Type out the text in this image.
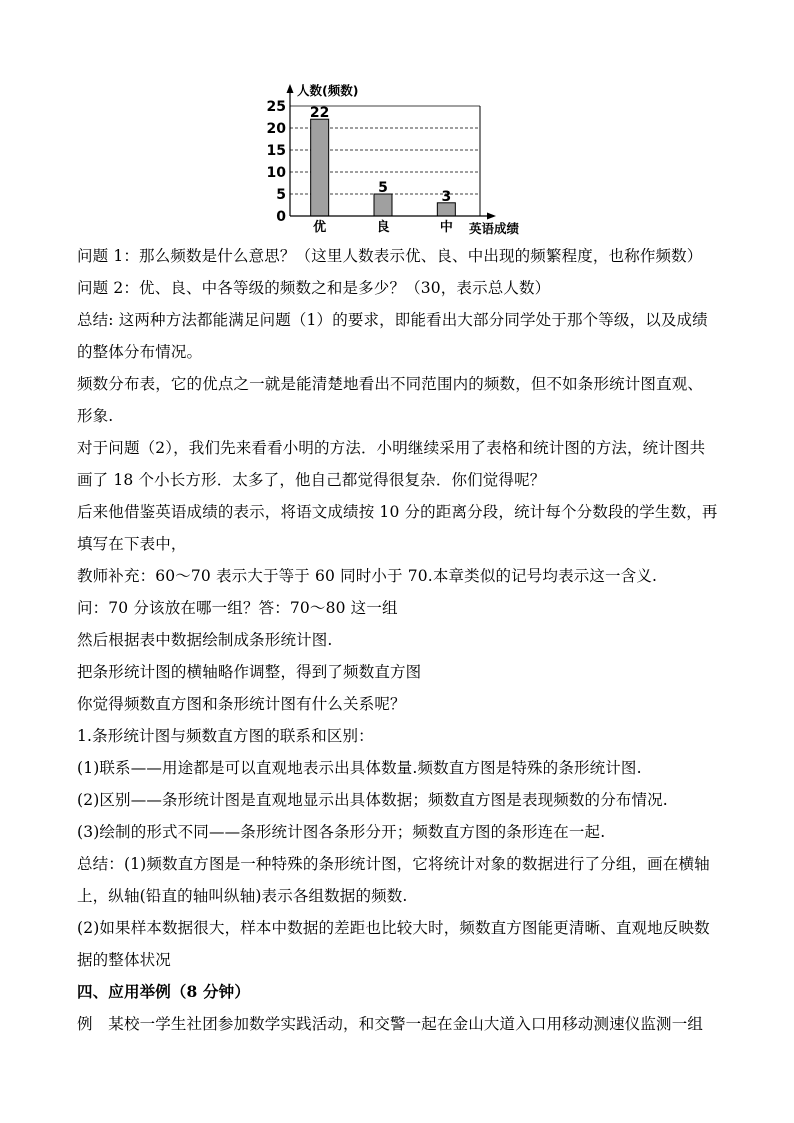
0
5
10
15
20
25 22
优
5
良
3
中
人数(频数)
英语成绩
问题 1：那么频数是什么意思？（这里人数表示优、良、中出现的频繁程度，也称作频数）
问题 2：优、良、中各等级的频数之和是多少？（30，表示总人数）
总结: 这两种方法都能满足问题（1）的要求，即能看出大部分同学处于那个等级，以及成绩
的整体分布情况。
频数分布表，它的优点之一就是能清楚地看出不同范围内的频数，但不如条形统计图直观、
形象.
对于问题（2），我们先来看看小明的方法．小明继续采用了表格和统计图的方法，统计图共
画了 18 个小长方形．太多了，他自己都觉得很复杂．你们觉得呢？
后来他借鉴英语成绩的表示，将语文成绩按 10 分的距离分段，统计每个分数段的学生数，再
填写在下表中，
教师补充：60～70 表示大于等于 60 同时小于 70.本章类似的记号均表示这一含义.
问：70 分该放在哪一组？答：70～80 这一组
然后根据表中数据绘制成条形统计图.
把条形统计图的横轴略作调整，得到了频数直方图
你觉得频数直方图和条形统计图有什么关系呢？
1.条形统计图与频数直方图的联系和区别：
(1)联系——用途都是可以直观地表示出具体数量.频数直方图是特殊的条形统计图.
(2)区别——条形统计图是直观地显示出具体数据；频数直方图是表现频数的分布情况.
(3)绘制的形式不同——条形统计图各条形分开；频数直方图的条形连在一起.
总结：(1)频数直方图是一种特殊的条形统计图，它将统计对象的数据进行了分组，画在横轴
上，纵轴(铅直的轴叫纵轴)表示各组数据的频数.
(2)如果样本数据很大，样本中数据的差距也比较大时，频数直方图能更清晰、直观地反映数
据的整体状况
四、应用举例（8 分钟）
例　某校一学生社团参加数学实践活动，和交警一起在金山大道入口用移动测速仪监测一组
